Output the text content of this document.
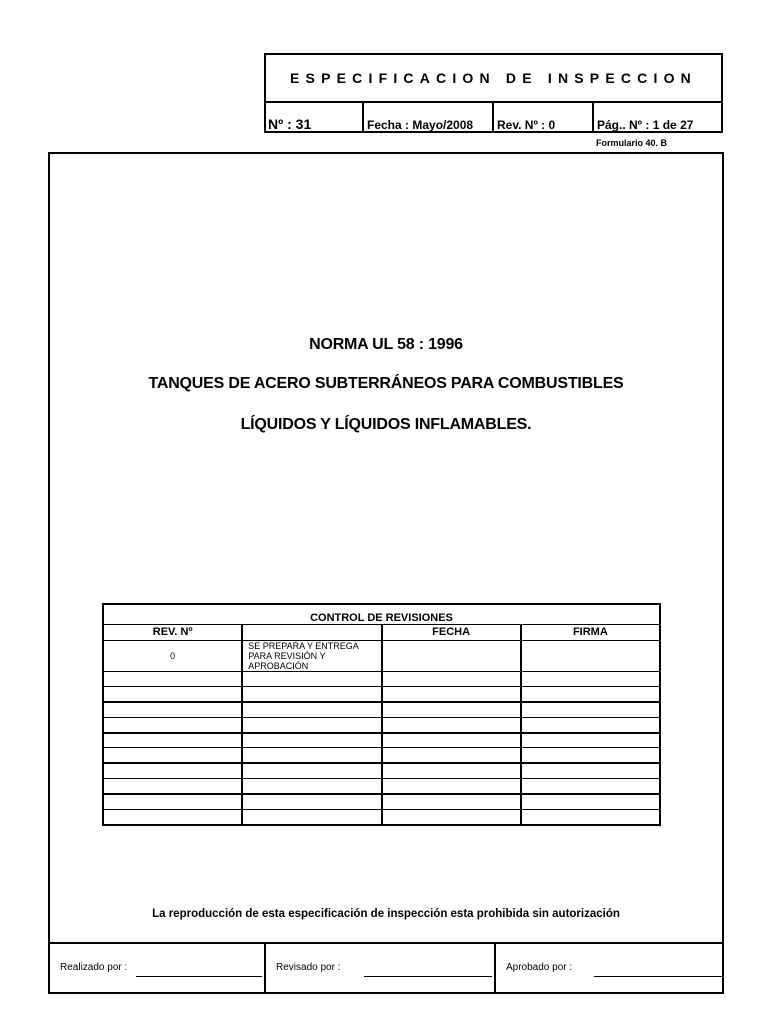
ESPECIFICACION DE INSPECCION
Nº : 31	Fecha : Mayo/2008	Rev. Nº : 0	Pág.. Nº : 1 de 27
Formulario 40. B
NORMA UL 58 : 1996
TANQUES DE ACERO SUBTERRÁNEOS PARA COMBUSTIBLES
LÍQUIDOS Y LÍQUIDOS INFLAMABLES.
CONTROL DE REVISIONES			
REV. Nº		FECHA	FIRMA
0	SE PREPARA Y ENTREGA PARA REVISIÓN Y APROBACIÓN		

La reproducción de esta especificación de inspección esta prohibida sin autorización
Realizado por :	Revisado por :	Aprobado por :
